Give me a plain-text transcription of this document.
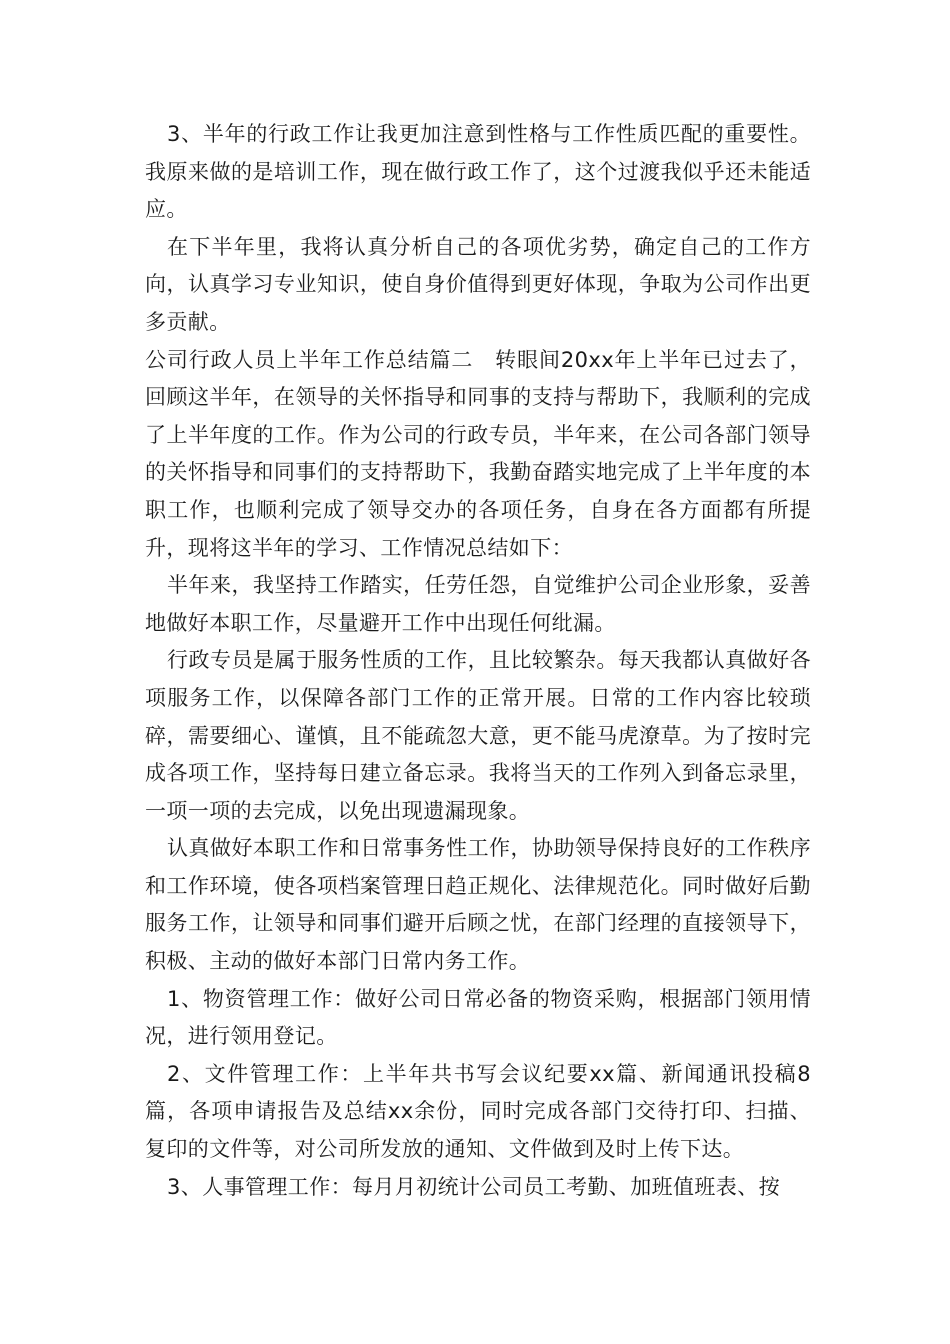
3、半年的行政工作让我更加注意到性格与工作性质匹配的重要性。我原来做的是培训工作，现在做行政工作了，这个过渡我似乎还未能适应。

在下半年里，我将认真分析自己的各项优劣势，确定自己的工作方向，认真学习专业知识，使自身价值得到更好体现，争取为公司作出更多贡献。

公司行政人员上半年工作总结篇二　转眼间20xx年上半年已过去了，回顾这半年，在领导的关怀指导和同事的支持与帮助下，我顺利的完成了上半年度的工作。作为公司的行政专员，半年来，在公司各部门领导的关怀指导和同事们的支持帮助下，我勤奋踏实地完成了上半年度的本职工作，也顺利完成了领导交办的各项任务，自身在各方面都有所提升，现将这半年的学习、工作情况总结如下：

半年来，我坚持工作踏实，任劳任怨，自觉维护公司企业形象，妥善地做好本职工作，尽量避开工作中出现任何纰漏。

行政专员是属于服务性质的工作，且比较繁杂。每天我都认真做好各项服务工作，以保障各部门工作的正常开展。日常的工作内容比较琐碎，需要细心、谨慎，且不能疏忽大意，更不能马虎潦草。为了按时完成各项工作，坚持每日建立备忘录。我将当天的工作列入到备忘录里，一项一项的去完成，以免出现遗漏现象。

认真做好本职工作和日常事务性工作，协助领导保持良好的工作秩序和工作环境，使各项档案管理日趋正规化、法律规范化。同时做好后勤服务工作，让领导和同事们避开后顾之忧，在部门经理的直接领导下，积极、主动的做好本部门日常内务工作。

1、物资管理工作：做好公司日常必备的物资采购，根据部门领用情况，进行领用登记。

2、文件管理工作：上半年共书写会议纪要xx篇、新闻通讯投稿8篇，各项申请报告及总结xx余份，同时完成各部门交待打印、扫描、复印的文件等，对公司所发放的通知、文件做到及时上传下达。

3、人事管理工作：每月月初统计公司员工考勤、加班值班表、按
